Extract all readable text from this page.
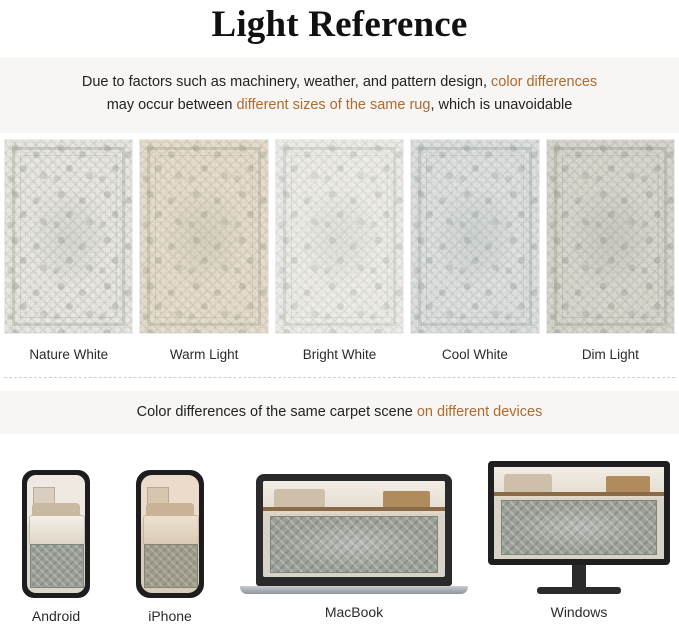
Light Reference
Due to factors such as machinery, weather, and pattern design, color differences
may occur between different sizes of the same rug, which is unavoidable
Nature White	Warm Light	Bright White	Cool White	Dim Light
Color differences of the same carpet scene on different devices
Android	iPhone	MacBook	Windows
